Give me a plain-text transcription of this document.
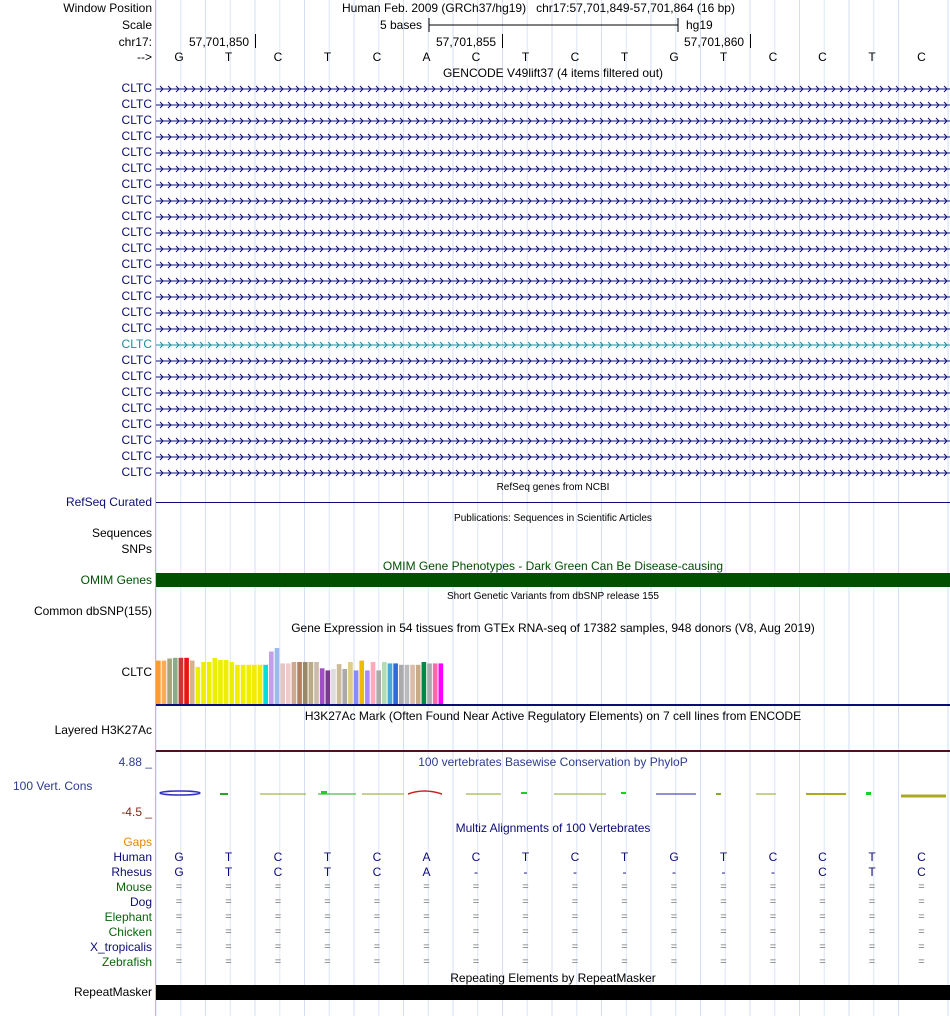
Window Position	Human Feb. 2009 (GRCh37/hg19) chr17:57,701,849-57,701,864 (16 bp)
Scale	5 bases	hg19
chr17:	57,701,850	57,701,855	57,701,860
-->
GENCODE V49lift37 (4 items filtered out)
RefSeq genes from NCBI
RefSeq Curated
Publications: Sequences in Scientific Articles
Sequences
SNPs
OMIM Gene Phenotypes - Dark Green Can Be Disease-causing
OMIM Genes
Short Genetic Variants from dbSNP release 155
Common dbSNP(155)
Gene Expression in 54 tissues from GTEx RNA-seq of 17382 samples, 948 donors (V8, Aug 2019)
CLTC
H3K27Ac Mark (Often Found Near Active Regulatory Elements) on 7 cell lines from ENCODE
Layered H3K27Ac
100 vertebrates Basewise Conservation by PhyloP
4.88 _
100 Vert. Cons
-4.5 _
Multiz Alignments of 100 Vertebrates
Gaps
Repeating Elements by RepeatMasker
RepeatMasker
G	T	C	T	C	A	C	T	C	T	G	T	C	C	T	C
CLTC
CLTC
CLTC
CLTC
CLTC
CLTC
CLTC
CLTC
CLTC
CLTC
CLTC
CLTC
CLTC
CLTC
CLTC
CLTC
CLTC
CLTC
CLTC
CLTC
CLTC
CLTC
CLTC
CLTC
CLTC
Human G	T	C	T	C	A	C	T	C	T	G	T	C	C	T	C
Rhesus G	T	C	T	C	A	-	-	-	-	-	-	-	C	T	C
Mouse =	=	=	=	=	=	=	=	=	=	=	=	=	=	=	=
Dog =	=	=	=	=	=	=	=	=	=	=	=	=	=	=	=
Elephant =	=	=	=	=	=	=	=	=	=	=	=	=	=	=	=
Chicken =	=	=	=	=	=	=	=	=	=	=	=	=	=	=	=
X_tropicalis =	=	=	=	=	=	=	=	=	=	=	=	=	=	=	=
Zebrafish =	=	=	=	=	=	=	=	=	=	=	=	=	=	=	=
